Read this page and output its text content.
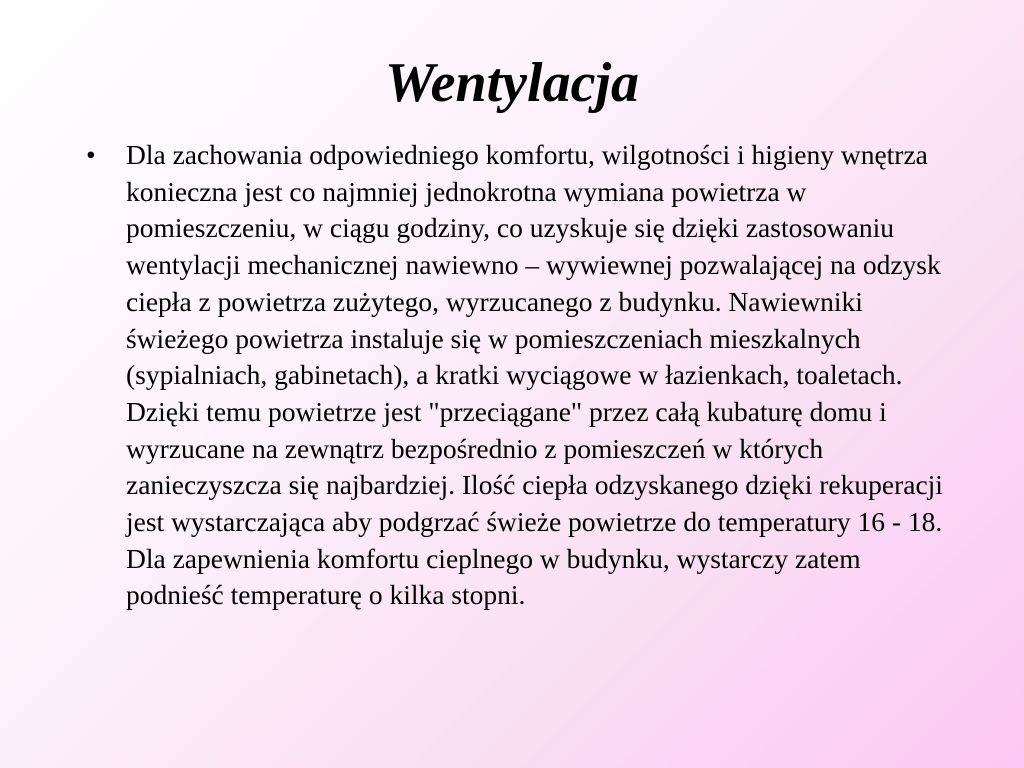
Wentylacja
•	Dla zachowania odpowiedniego komfortu, wilgotności i higieny wnętrza konieczna jest co najmniej jednokrotna wymiana powietrza w pomieszczeniu, w ciągu godziny, co uzyskuje się dzięki zastosowaniu wentylacji mechanicznej nawiewno – wywiewnej pozwalającej na odzysk ciepła z powietrza zużytego, wyrzucanego z budynku. Nawiewniki świeżego powietrza instaluje się w pomieszczeniach mieszkalnych (sypialniach, gabinetach), a kratki wyciągowe w łazienkach, toaletach. Dzięki temu powietrze jest "przeciągane" przez całą kubaturę domu i wyrzucane na zewnątrz bezpośrednio z pomieszczeń w których zanieczyszcza się najbardziej. Ilość ciepła odzyskanego dzięki rekuperacji jest wystarczająca aby podgrzać świeże powietrze do temperatury 16 - 18. Dla zapewnienia komfortu cieplnego w budynku, wystarczy zatem podnieść temperaturę o kilka stopni.
